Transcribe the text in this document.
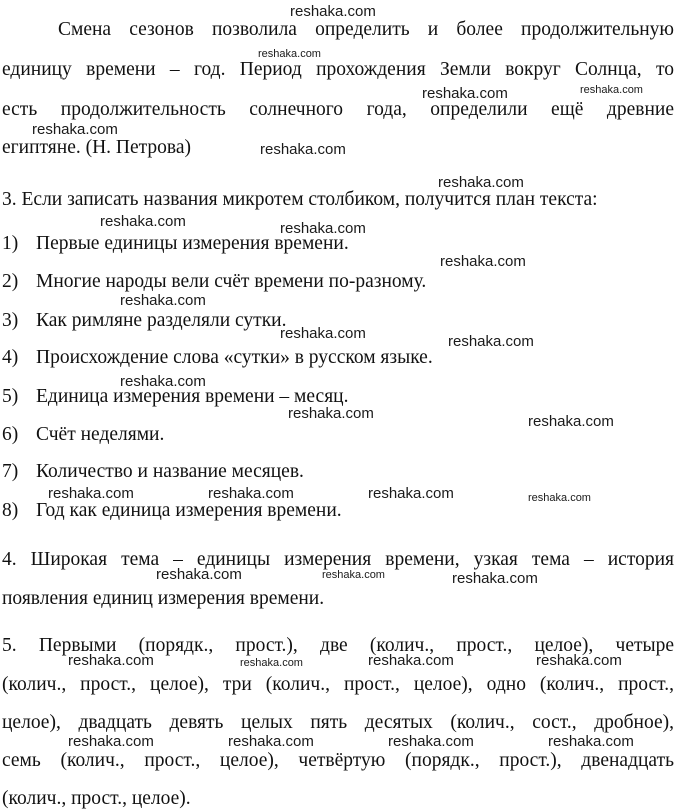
Смена сезонов позволила определить и более продолжительную
единицу времени – год. Период прохождения Земли вокруг Солнца, то
есть продолжительность солнечного года, определили ещё древние
египтяне. (Н. Петрова)
3. Если записать названия микротем столбиком, получится план текста:
1) Первые единицы измерения времени.
2) Многие народы вели счёт времени по-разному.
3) Как римляне разделяли сутки.
4) Происхождение слова «сутки» в русском языке.
5) Единица измерения времени – месяц.
6) Счёт неделями.
7) Количество и название месяцев.
8) Год как единица измерения времени.
4. Широкая тема – единицы измерения времени, узкая тема – история
появления единиц измерения времени.
5. Первыми (порядк., прост.), две (колич., прост., целое), четыре
(колич., прост., целое), три (колич., прост., целое), одно (колич., прост.,
целое), двадцать девять целых пять десятых (колич., сост., дробное),
семь (колич., прост., целое), четвёртую (порядк., прост.), двенадцать
(колич., прост., целое).
reshaka.com
reshaka.com
reshaka.com	reshaka.com
reshaka.com
reshaka.com
reshaka.com
reshaka.com	reshaka.com
reshaka.com
reshaka.com
reshaka.com	reshaka.com
reshaka.com
reshaka.com	reshaka.com
reshaka.com	reshaka.com	reshaka.com	reshaka.com
reshaka.com	reshaka.com	reshaka.com
reshaka.com	reshaka.com	reshaka.com	reshaka.com
reshaka.com	reshaka.com	reshaka.com	reshaka.com
